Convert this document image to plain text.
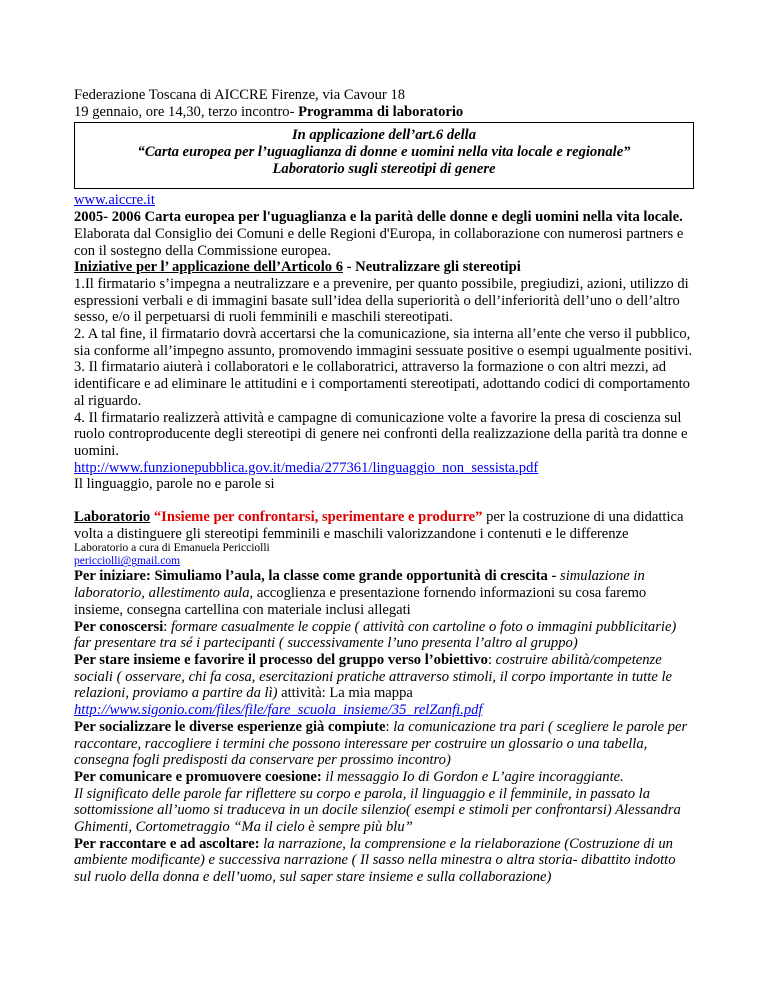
Federazione Toscana di AICCRE Firenze, via Cavour 18

19 gennaio, ore 14,30, terzo incontro- Programma di laboratorio

In applicazione dell’art.6 della
“Carta europea per l’uguaglianza di donne e uomini nella vita locale e regionale”
Laboratorio sugli stereotipi di genere

www.aiccre.it

2005- 2006 Carta europea per l'uguaglianza e la parità delle donne e degli uomini nella vita locale. Elaborata dal Consiglio dei Comuni e delle Regioni d'Europa, in collaborazione con numerosi partners e con il sostegno della Commissione europea.

Iniziative per l’ applicazione dell’Articolo 6 - Neutralizzare gli stereotipi

1.Il firmatario s’impegna a neutralizzare e a prevenire, per quanto possibile, pregiudizi, azioni, utilizzo di espressioni verbali e di immagini basate sull’idea della superiorità o dell’inferiorità dell’uno o dell’altro sesso, e/o il perpetuarsi di ruoli femminili e maschili stereotipati.

2. A tal fine, il firmatario dovrà accertarsi che la comunicazione, sia interna all’ente che verso il pubblico, sia conforme all’impegno assunto, promovendo immagini sessuate positive o esempi ugualmente positivi.

3. Il firmatario aiuterà i collaboratori e le collaboratrici, attraverso la formazione o con altri mezzi, ad identificare e ad eliminare le attitudini e i comportamenti stereotipati, adottando codici di comportamento al riguardo.

4. Il firmatario realizzerà attività e campagne di comunicazione volte a favorire la presa di coscienza sul ruolo controproducente degli stereotipi di genere nei confronti della realizzazione della parità tra donne e uomini.

http://www.funzionepubblica.gov.it/media/277361/linguaggio_non_sessista.pdf

Il linguaggio, parole no e parole si

Laboratorio “Insieme per confrontarsi, sperimentare e produrre” per la costruzione di una didattica volta a distinguere gli stereotipi femminili e maschili valorizzandone i contenuti e le differenze

Laboratorio a cura di Emanuela Pericciolli

pericciolli@gmail.com

Per iniziare: Simuliamo l’aula, la classe come grande opportunità di crescita - simulazione in laboratorio, allestimento aula, accoglienza e presentazione fornendo informazioni su cosa faremo insieme, consegna cartellina con materiale inclusi allegati

Per conoscersi: formare casualmente le coppie ( attività con cartoline o foto o immagini pubblicitarie) far presentare tra sé i partecipanti ( successivamente l’uno presenta l’altro al gruppo)

Per stare insieme e favorire il processo del gruppo verso l’obiettivo: costruire abilità/competenze sociali ( osservare, chi fa cosa, esercitazioni pratiche attraverso stimoli, il corpo importante in tutte le relazioni, proviamo a partire da lì) attività: La mia mappa

http://www.sigonio.com/files/file/fare_scuola_insieme/35_relZanfi.pdf

Per socializzare le diverse esperienze già compiute: la comunicazione tra pari ( scegliere le parole per raccontare, raccogliere i termini che possono interessare per costruire un glossario o una tabella, consegna fogli predisposti da conservare per prossimo incontro)

Per comunicare e promuovere coesione: il messaggio Io di Gordon e L’agire incoraggiante.

Il significato delle parole far riflettere su corpo e parola, il linguaggio e il femminile, in passato la sottomissione all’uomo si traduceva in un docile silenzio( esempi e stimoli per confrontarsi) Alessandra Ghimenti, Cortometraggio “Ma il cielo è sempre più blu”

Per raccontare e ad ascoltare: la narrazione, la comprensione e la rielaborazione (Costruzione di un ambiente modificante) e successiva narrazione ( Il sasso nella minestra o altra storia- dibattito indotto sul ruolo della donna e dell’uomo, sul saper stare insieme e sulla collaborazione)
